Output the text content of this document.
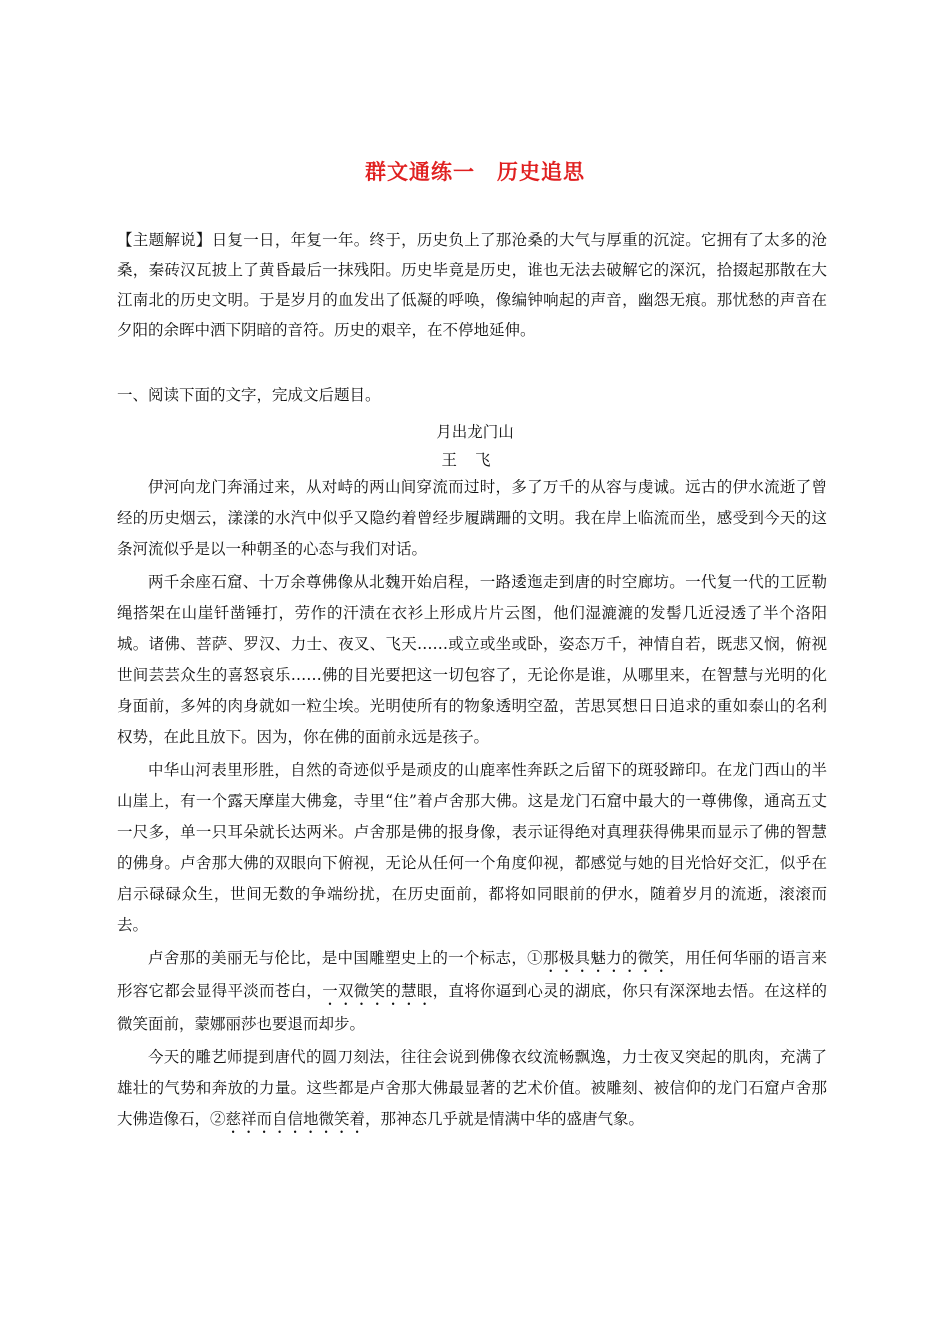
群文通练一　历史追思
【主题解说】日复一日，年复一年。终于，历史负上了那沧桑的大气与厚重的沉淀。它拥有了太多的沧桑，秦砖汉瓦披上了黄昏最后一抹残阳。历史毕竟是历史，谁也无法去破解它的深沉，拾掇起那散在大江南北的历史文明。于是岁月的血发出了低凝的呼唤，像编钟响起的声音，幽怨无痕。那忧愁的声音在夕阳的余晖中洒下阴暗的音符。历史的艰辛，在不停地延伸。
一、阅读下面的文字，完成文后题目。
月出龙门山
王飞

伊河向龙门奔涌过来，从对峙的两山间穿流而过时，多了万千的从容与虔诚。远古的伊水流逝了曾经的历史烟云，漾漾的水汽中似乎又隐约着曾经步履蹒跚的文明。我在岸上临流而坐，感受到今天的这条河流似乎是以一种朝圣的心态与我们对话。

两千余座石窟、十万余尊佛像从北魏开始启程，一路逶迤走到唐的时空廊坊。一代复一代的工匠勒绳搭架在山崖钎凿锤打，劳作的汗渍在衣衫上形成片片云图，他们湿漉漉的发髻几近浸透了半个洛阳城。诸佛、菩萨、罗汉、力士、夜叉、飞天……或立或坐或卧，姿态万千，神情自若，既悲又悯，俯视世间芸芸众生的喜怒哀乐……佛的目光要把这一切包容了，无论你是谁，从哪里来，在智慧与光明的化身面前，多舛的肉身就如一粒尘埃。光明使所有的物象透明空盈，苦思冥想日日追求的重如泰山的名利权势，在此且放下。因为，你在佛的面前永远是孩子。

中华山河表里形胜，自然的奇迹似乎是顽皮的山鹿率性奔跃之后留下的斑驳蹄印。在龙门西山的半山崖上，有一个露天摩崖大佛龛，寺里“住”着卢舍那大佛。这是龙门石窟中最大的一尊佛像，通高五丈一尺多，单一只耳朵就长达两米。卢舍那是佛的报身像，表示证得绝对真理获得佛果而显示了佛的智慧的佛身。卢舍那大佛的双眼向下俯视，无论从任何一个角度仰视，都感觉与她的目光恰好交汇，似乎在启示碌碌众生，世间无数的争端纷扰，在历史面前，都将如同眼前的伊水，随着岁月的流逝，滚滚而去。

卢舍那的美丽无与伦比，是中国雕塑史上的一个标志，①那极具魅力的微笑，用任何华丽的语言来形容它都会显得平淡而苍白，一双微笑的慧眼，直将你逼到心灵的湖底，你只有深深地去悟。在这样的微笑面前，蒙娜丽莎也要退而却步。

今天的雕艺师提到唐代的圆刀刻法，往往会说到佛像衣纹流畅飘逸，力士夜叉突起的肌肉，充满了雄壮的气势和奔放的力量。这些都是卢舍那大佛最显著的艺术价值。被雕刻、被信仰的龙门石窟卢舍那大佛造像石，②慈祥而自信地微笑着，那神态几乎就是情满中华的盛唐气象。
